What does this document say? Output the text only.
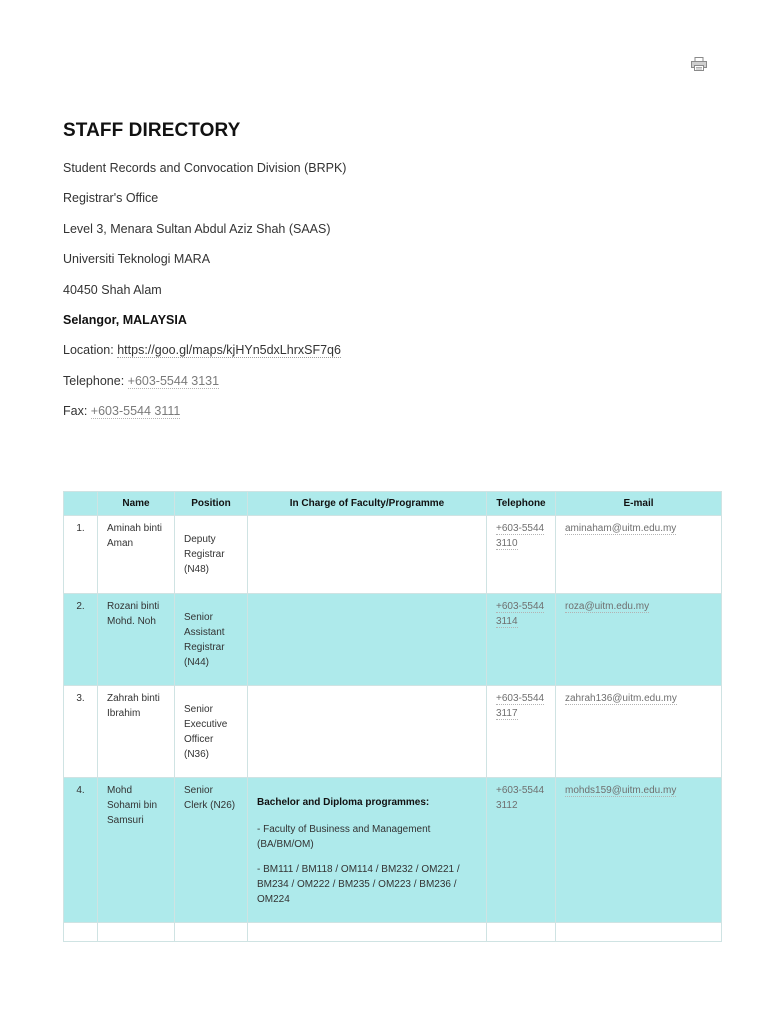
STAFF DIRECTORY

Student Records and Convocation Division (BRPK)

Registrar's Office

Level 3, Menara Sultan Abdul Aziz Shah (SAAS)

Universiti Teknologi MARA

40450 Shah Alam

Selangor, MALAYSIA

Location: https://goo.gl/maps/kjHYn5dxLhrxSF7q6

Telephone: +603-5544 3131

Fax: +603-5544 3111

	Name	Position	In Charge of Faculty/Programme	Telephone	E-mail
1.	Aminah binti Aman	Deputy Registrar (N48)		+603-5544 3110	aminaham@uitm.edu.my
2.	Rozani binti Mohd. Noh	Senior Assistant Registrar (N44)		+603-5544 3114	roza@uitm.edu.my
3.	Zahrah binti Ibrahim	Senior Executive Officer (N36)		+603-5544 3117	zahrah136@uitm.edu.my
4.	Mohd Sohami bin Samsuri	Senior Clerk (N26)	Bachelor and Diploma programmes:

- Faculty of Business and Management (BA/BM/OM)

- BM111 / BM118 / OM114 / BM232 / OM221 / BM234 / OM222 / BM235 / OM223 / BM236 / OM224	+603-5544 3112	mohds159@uitm.edu.my
